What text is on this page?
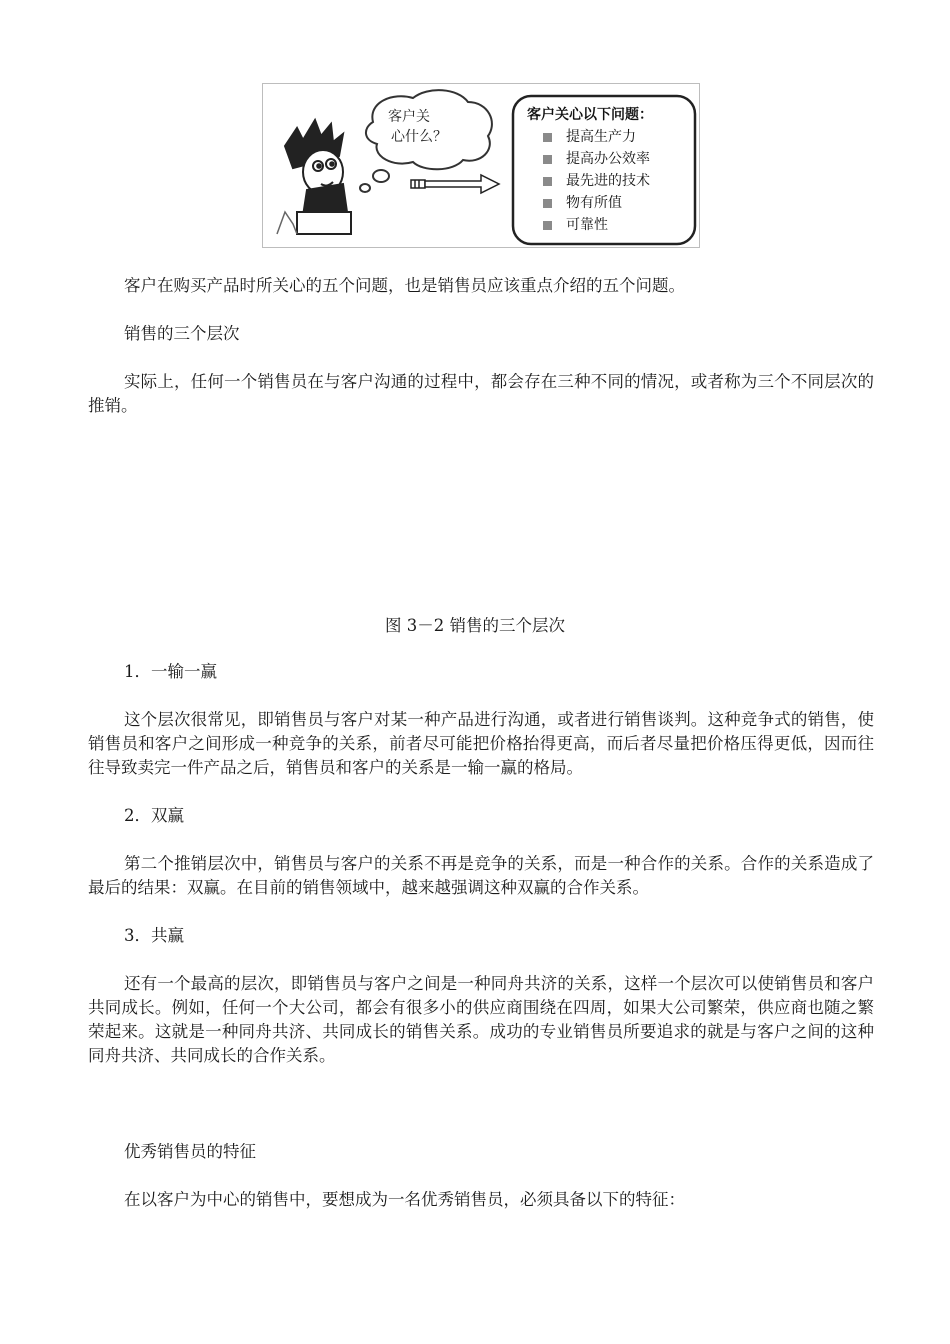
客户关
心什么？
客户关心以下问题：
提高生产力
提高办公效率
最先进的技术
物有所值
可靠性

客户在购买产品时所关心的五个问题，也是销售员应该重点介绍的五个问题。

销售的三个层次

实际上，任何一个销售员在与客户沟通的过程中，都会存在三种不同的情况，或者称为三个不同层次的推销。

图 3－2 销售的三个层次

1．一输一赢

这个层次很常见，即销售员与客户对某一种产品进行沟通，或者进行销售谈判。这种竞争式的销售，使销售员和客户之间形成一种竞争的关系，前者尽可能把价格抬得更高，而后者尽量把价格压得更低，因而往往导致卖完一件产品之后，销售员和客户的关系是一输一赢的格局。

2．双赢

第二个推销层次中，销售员与客户的关系不再是竞争的关系，而是一种合作的关系。合作的关系造成了最后的结果：双赢。在目前的销售领域中，越来越强调这种双赢的合作关系。

3．共赢

还有一个最高的层次，即销售员与客户之间是一种同舟共济的关系，这样一个层次可以使销售员和客户共同成长。例如，任何一个大公司，都会有很多小的供应商围绕在四周，如果大公司繁荣，供应商也随之繁荣起来。这就是一种同舟共济、共同成长的销售关系。成功的专业销售员所要追求的就是与客户之间的这种同舟共济、共同成长的合作关系。

优秀销售员的特征

在以客户为中心的销售中，要想成为一名优秀销售员，必须具备以下的特征：
